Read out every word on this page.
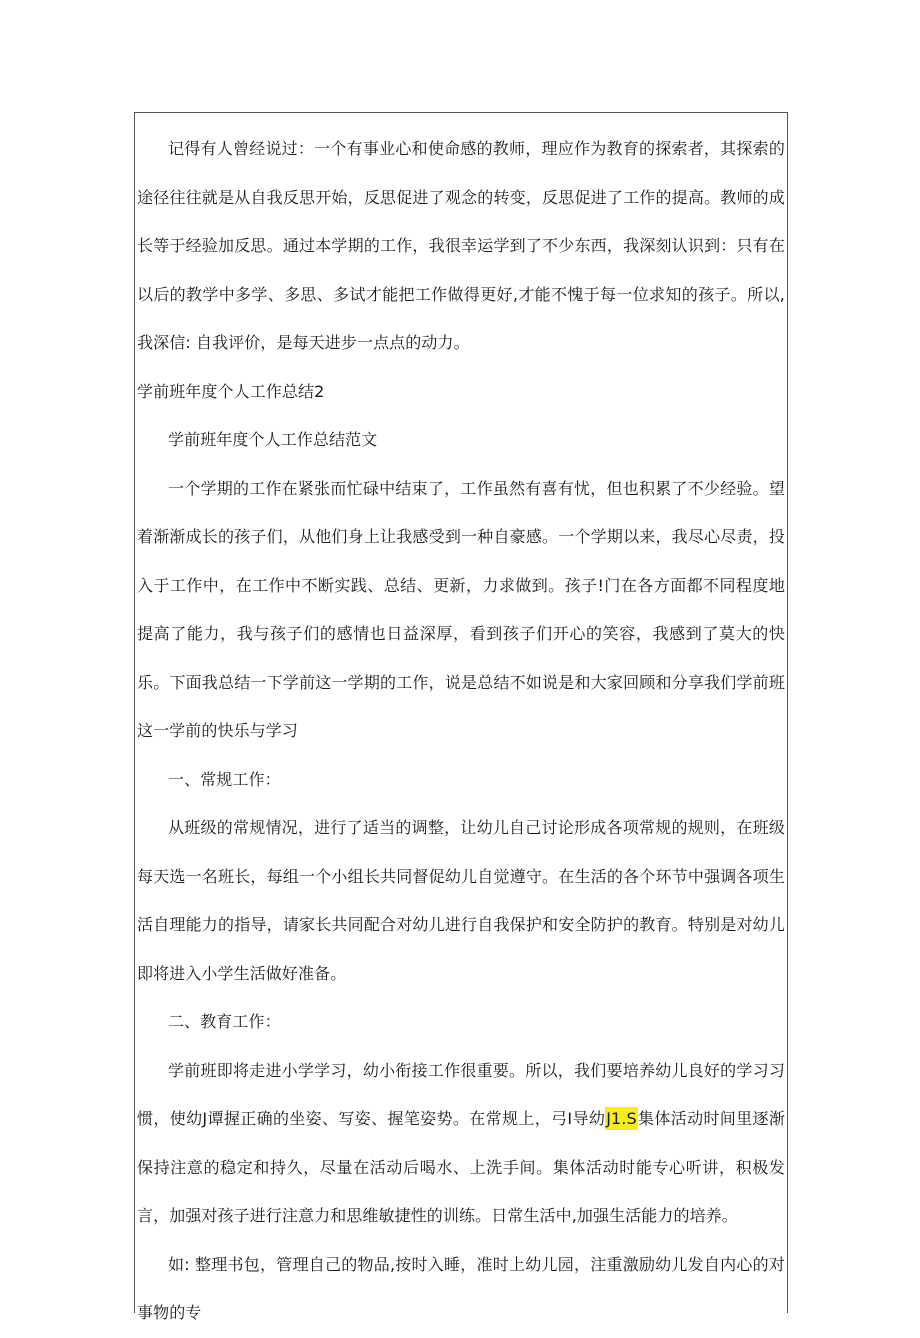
记得有人曾经说过：一个有事业心和使命感的教师，理应作为教育的探索者，其探索的途径往往就是从自我反思开始，反思促进了观念的转变，反思促进了工作的提高。教师的成长等于经验加反思。通过本学期的工作，我很幸运学到了不少东西，我深刻认识到：只有在以后的教学中多学、多思、多试才能把工作做得更好,才能不愧于每一位求知的孩子。所以,我深信: 自我评价，是每天进步一点点的动力。

学前班年度个人工作总结2

学前班年度个人工作总结范文

一个学期的工作在紧张而忙碌中结束了，工作虽然有喜有忧，但也积累了不少经验。望着渐渐成长的孩子们，从他们身上让我感受到一种自豪感。一个学期以来，我尽心尽责，投入于工作中，在工作中不断实践、总结、更新，力求做到。孩子!门在各方面都不同程度地提高了能力，我与孩子们的感情也日益深厚，看到孩子们开心的笑容，我感到了莫大的快乐。下面我总结一下学前这一学期的工作，说是总结不如说是和大家回顾和分享我们学前班这一学前的快乐与学习

一、常规工作：

从班级的常规情况，进行了适当的调整，让幼儿自己讨论形成各项常规的规则，在班级每天选一名班长，每组一个小组长共同督促幼儿自觉遵守。在生活的各个环节中强调各项生活自理能力的指导，请家长共同配合对幼儿进行自我保护和安全防护的教育。特别是对幼儿即将进入小学生活做好准备。

二、教育工作：

学前班即将走进小学学习，幼小衔接工作很重要。所以，我们要培养幼儿良好的学习习惯，使幼J谭握正确的坐姿、写姿、握笔姿势。在常规上，弓I导幼J1.S集体活动时间里逐渐保持注意的稳定和持久，尽量在活动后喝水、上洗手间。集体活动时能专心听讲，积极发言，加强对孩子进行注意力和思维敏捷性的训练。日常生活中,加强生活能力的培养。

如: 整理书包，管理自己的物品,按时入睡，准时上幼儿园，注重激励幼儿发自内心的对事物的专
